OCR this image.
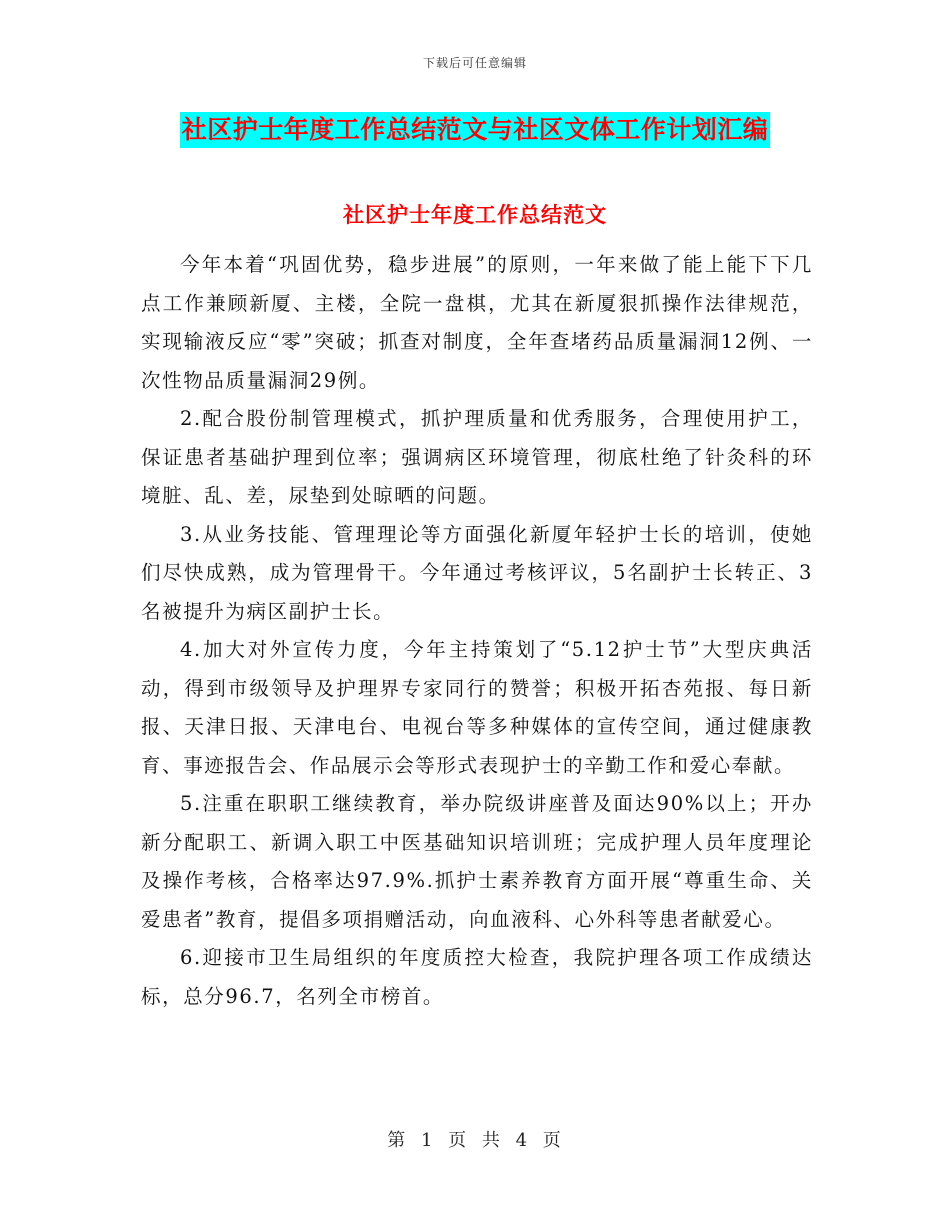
下载后可任意编辑
社区护士年度工作总结范文与社区文体工作计划汇编
社区护士年度工作总结范文

今年本着“巩固优势，稳步进展”的原则，一年来做了能上能下下几点工作兼顾新厦、主楼，全院一盘棋，尤其在新厦狠抓操作法律规范，实现输液反应“零”突破；抓查对制度，全年查堵药品质量漏洞12例、一次性物品质量漏洞29例。

2.配合股份制管理模式，抓护理质量和优秀服务，合理使用护工，保证患者基础护理到位率；强调病区环境管理，彻底杜绝了针灸科的环境脏、乱、差，尿垫到处晾晒的问题。

3.从业务技能、管理理论等方面强化新厦年轻护士长的培训，使她们尽快成熟，成为管理骨干。今年通过考核评议，5名副护士长转正、3名被提升为病区副护士长。

4.加大对外宣传力度，今年主持策划了“5.12护士节”大型庆典活动，得到市级领导及护理界专家同行的赞誉；积极开拓杏苑报、每日新报、天津日报、天津电台、电视台等多种媒体的宣传空间，通过健康教育、事迹报告会、作品展示会等形式表现护士的辛勤工作和爱心奉献。

5.注重在职职工继续教育，举办院级讲座普及面达90%以上；开办新分配职工、新调入职工中医基础知识培训班；完成护理人员年度理论及操作考核，合格率达97.9%.抓护士素养教育方面开展“尊重生命、关爱患者”教育，提倡多项捐赠活动，向血液科、心外科等患者献爱心。

6.迎接市卫生局组织的年度质控大检查，我院护理各项工作成绩达标，总分96.7，名列全市榜首。

第 1 页 共 4 页
